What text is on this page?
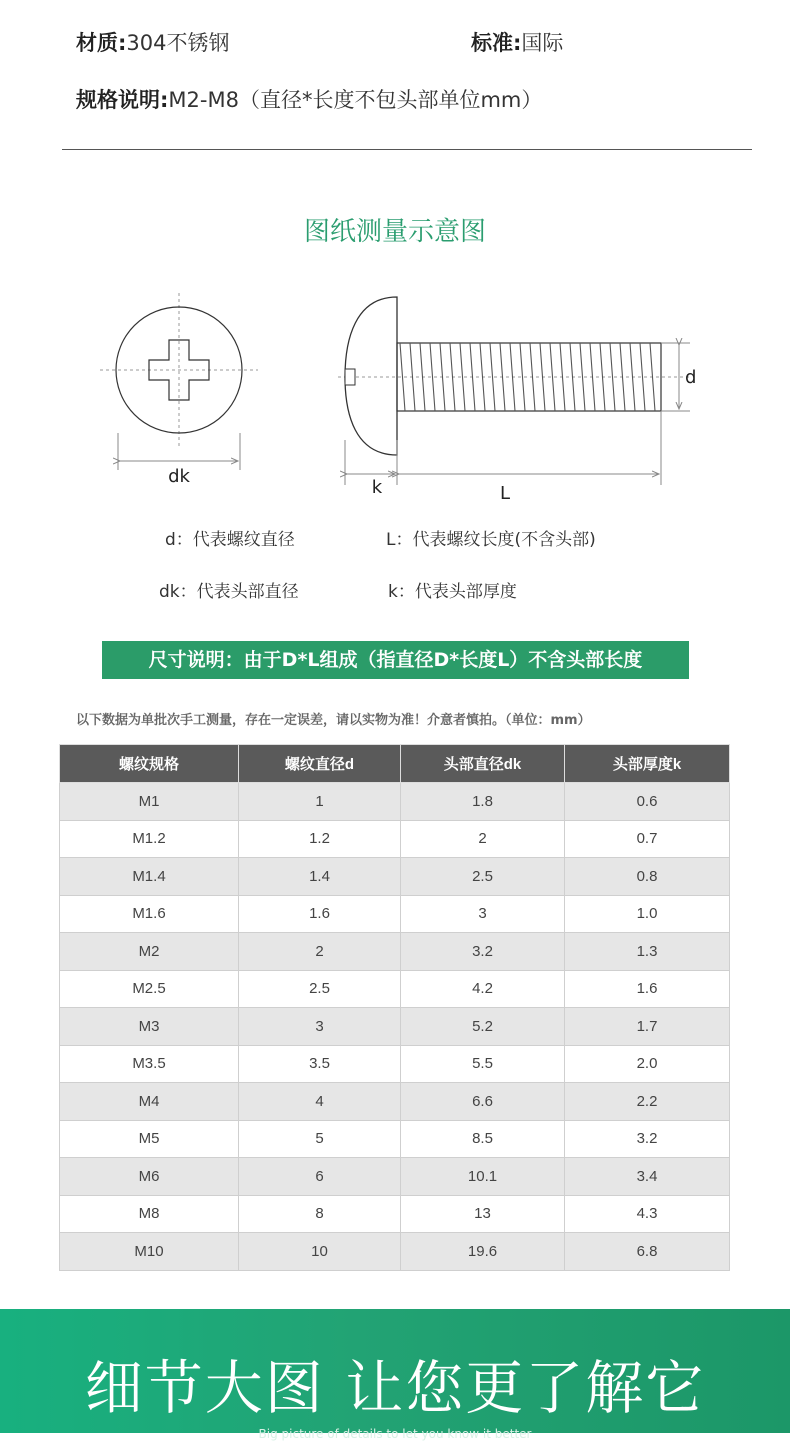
材质:304不锈钢	标准:国际
规格说明:M2-M8（直径*长度不包头部单位mm）
图纸测量示意图
dk
k	L
d
d：代表螺纹直径	L：代表螺纹长度(不含头部)
dk：代表头部直径	k：代表头部厚度
尺寸说明：由于D*L组成（指直径D*长度L）不含头部长度
以下数据为单批次手工测量，存在一定误差，请以实物为准！介意者慎拍。（单位：mm）
螺纹规格	螺纹直径d	头部直径dk	头部厚度k
M1	1	1.8	0.6
M1.2	1.2	2	0.7
M1.4	1.4	2.5	0.8
M1.6	1.6	3	1.0
M2	2	3.2	1.3
M2.5	2.5	4.2	1.6
M3	3	5.2	1.7
M3.5	3.5	5.5	2.0
M4	4	6.6	2.2
M5	5	8.5	3.2
M6	6	10.1	3.4
M8	8	13	4.3
M10	10	19.6	6.8
细节大图 让您更了解它
Big picture of details to let you know it better
